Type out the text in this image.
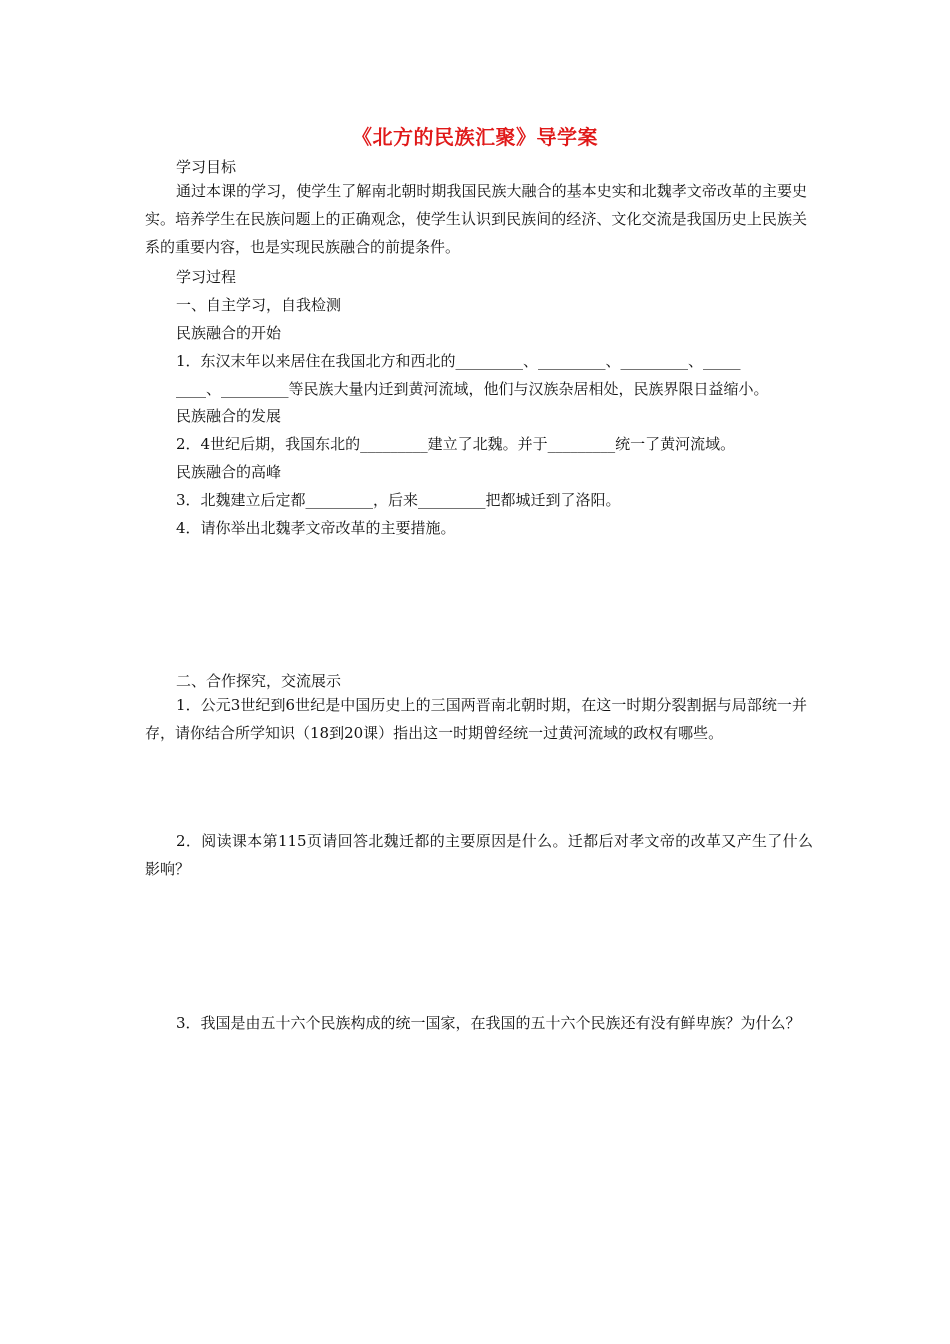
《北方的民族汇聚》导学案
学习目标
通过本课的学习，使学生了解南北朝时期我国民族大融合的基本史实和北魏孝文帝改革的主要史实。培养学生在民族问题上的正确观念，使学生认识到民族间的经济、文化交流是我国历史上民族关系的重要内容，也是实现民族融合的前提条件。
学习过程
一、自主学习，自我检测
民族融合的开始
1．东汉末年以来居住在我国北方和西北的_________、_________、_________、_____
____、_________等民族大量内迁到黄河流域，他们与汉族杂居相处，民族界限日益缩小。
民族融合的发展
2．4世纪后期，我国东北的_________建立了北魏。并于_________统一了黄河流域。
民族融合的高峰
3．北魏建立后定都_________，后来_________把都城迁到了洛阳。
4．请你举出北魏孝文帝改革的主要措施。
二、合作探究，交流展示
1．公元3世纪到6世纪是中国历史上的三国两晋南北朝时期，在这一时期分裂割据与局部统一并存，请你结合所学知识（18到20课）指出这一时期曾经统一过黄河流域的政权有哪些。
2．阅读课本第115页请回答北魏迁都的主要原因是什么。迁都后对孝文帝的改革又产生了什么影响？
3．我国是由五十六个民族构成的统一国家，在我国的五十六个民族还有没有鲜卑族？为什么？
